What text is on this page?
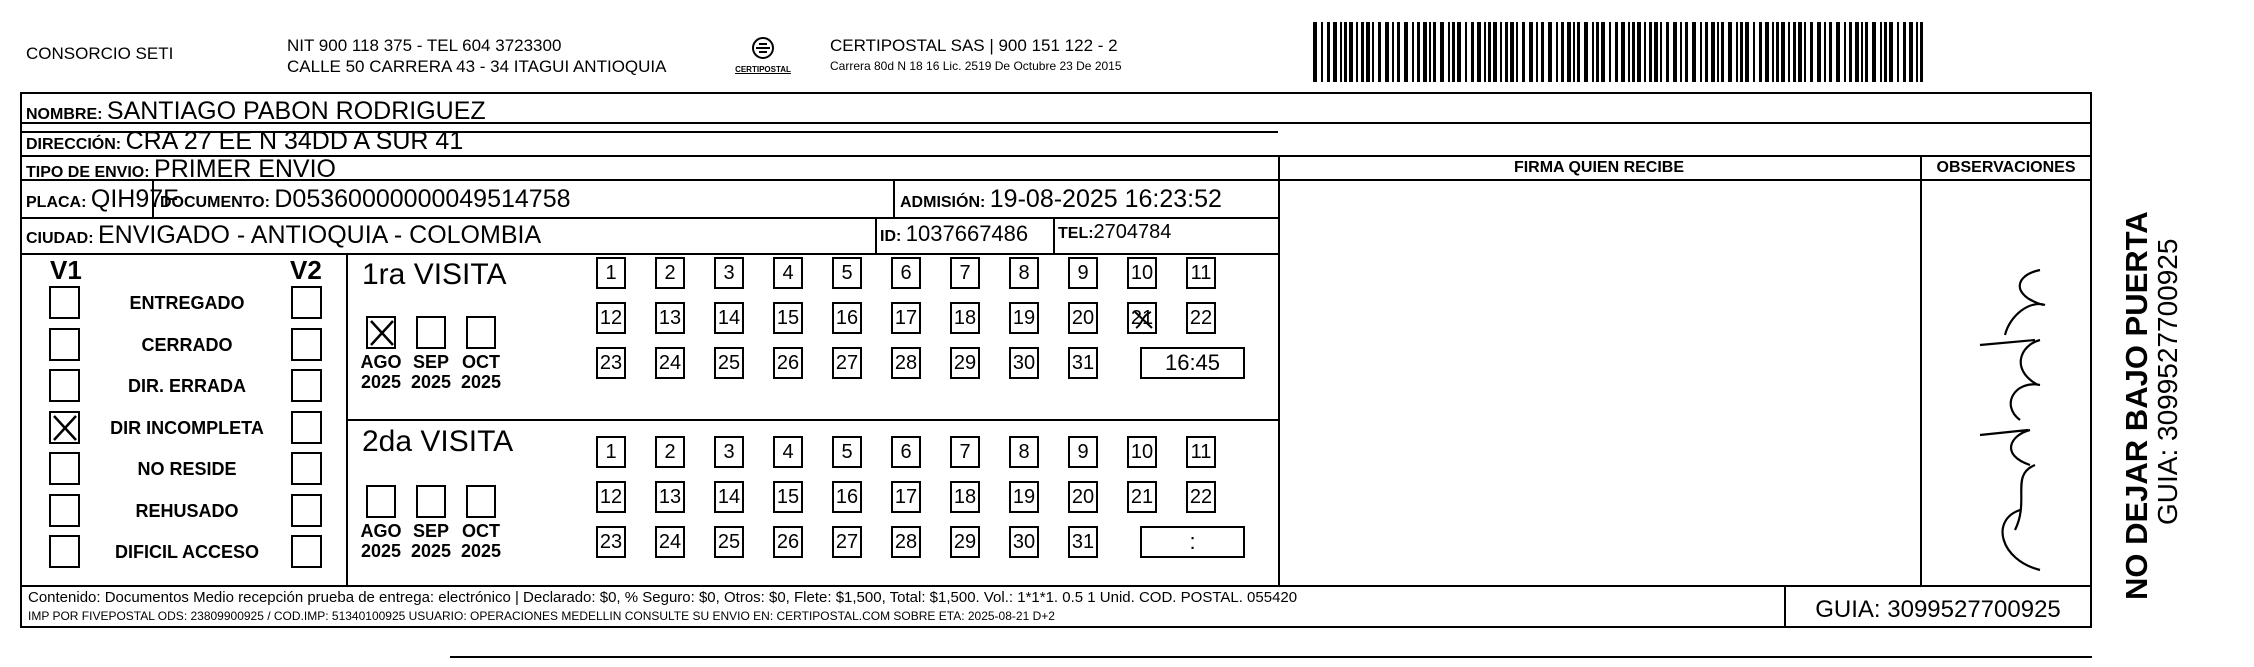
CONSORCIO SETI	NIT 900 118 375 - TEL 604 3723300
CALLE 50 CARRERA 43 - 34 ITAGUI ANTIOQUIA	CERTIPOSTAL
CERTIPOSTAL SAS | 900 151 122 - 2
Carrera 80d N 18 16 Lic. 2519 De Octubre 23 De 2015
NOMBRE: SANTIAGO PABON RODRIGUEZ
DIRECCIÓN: CRA 27 EE N 34DD A SUR 41
TIPO DE ENVIO: PRIMER ENVIO	FIRMA QUIEN RECIBE	OBSERVACIONES
PLACA: QIH97F
DOCUMENTO: D05360000000049514758	ADMISIÓN: 19-08-2025 16:23:52
CIUDAD: ENVIGADO - ANTIOQUIA - COLOMBIA	ID: 1037667486 TEL:2704784
V1	V2 1ra VISITA
2da VISITA	NO DEJAR BAJO PUERTA
GUIA: 3099527700925
Contenido: Documentos Medio recepción prueba de entrega: electrónico | Declarado: $0, % Seguro: $0, Otros: $0, Flete: $1,500, Total: $1,500. Vol.: 1*1*1. 0.5 1 Unid. COD. POSTAL. 055420
IMP POR FIVEPOSTAL ODS: 23809900925 / COD.IMP: 51340100925 USUARIO: OPERACIONES MEDELLIN CONSULTE SU ENVIO EN: CERTIPOSTAL.COM SOBRE ETA: 2025-08-21 D+2	GUIA: 3099527700925
ENTREGADO
CERRADO
DIR. ERRADA
DIR INCOMPLETA
NO RESIDE
REHUSADO
DIFICIL ACCESO
AGO
2025
SEP
2025
OCT
2025
AGO
2025
SEP
2025
OCT
2025
1	2	3	4	5	6	7	8	9	10 11
12 13 14 15 16 17 18 19 20 21 22
23 24 25 26 27 28 29 30 31	16:45
1	2	3	4	5	6	7	8	9	10 11
12 13 14 15 16 17 18 19 20 21 22
23 24 25 26 27 28 29 30 31	:
